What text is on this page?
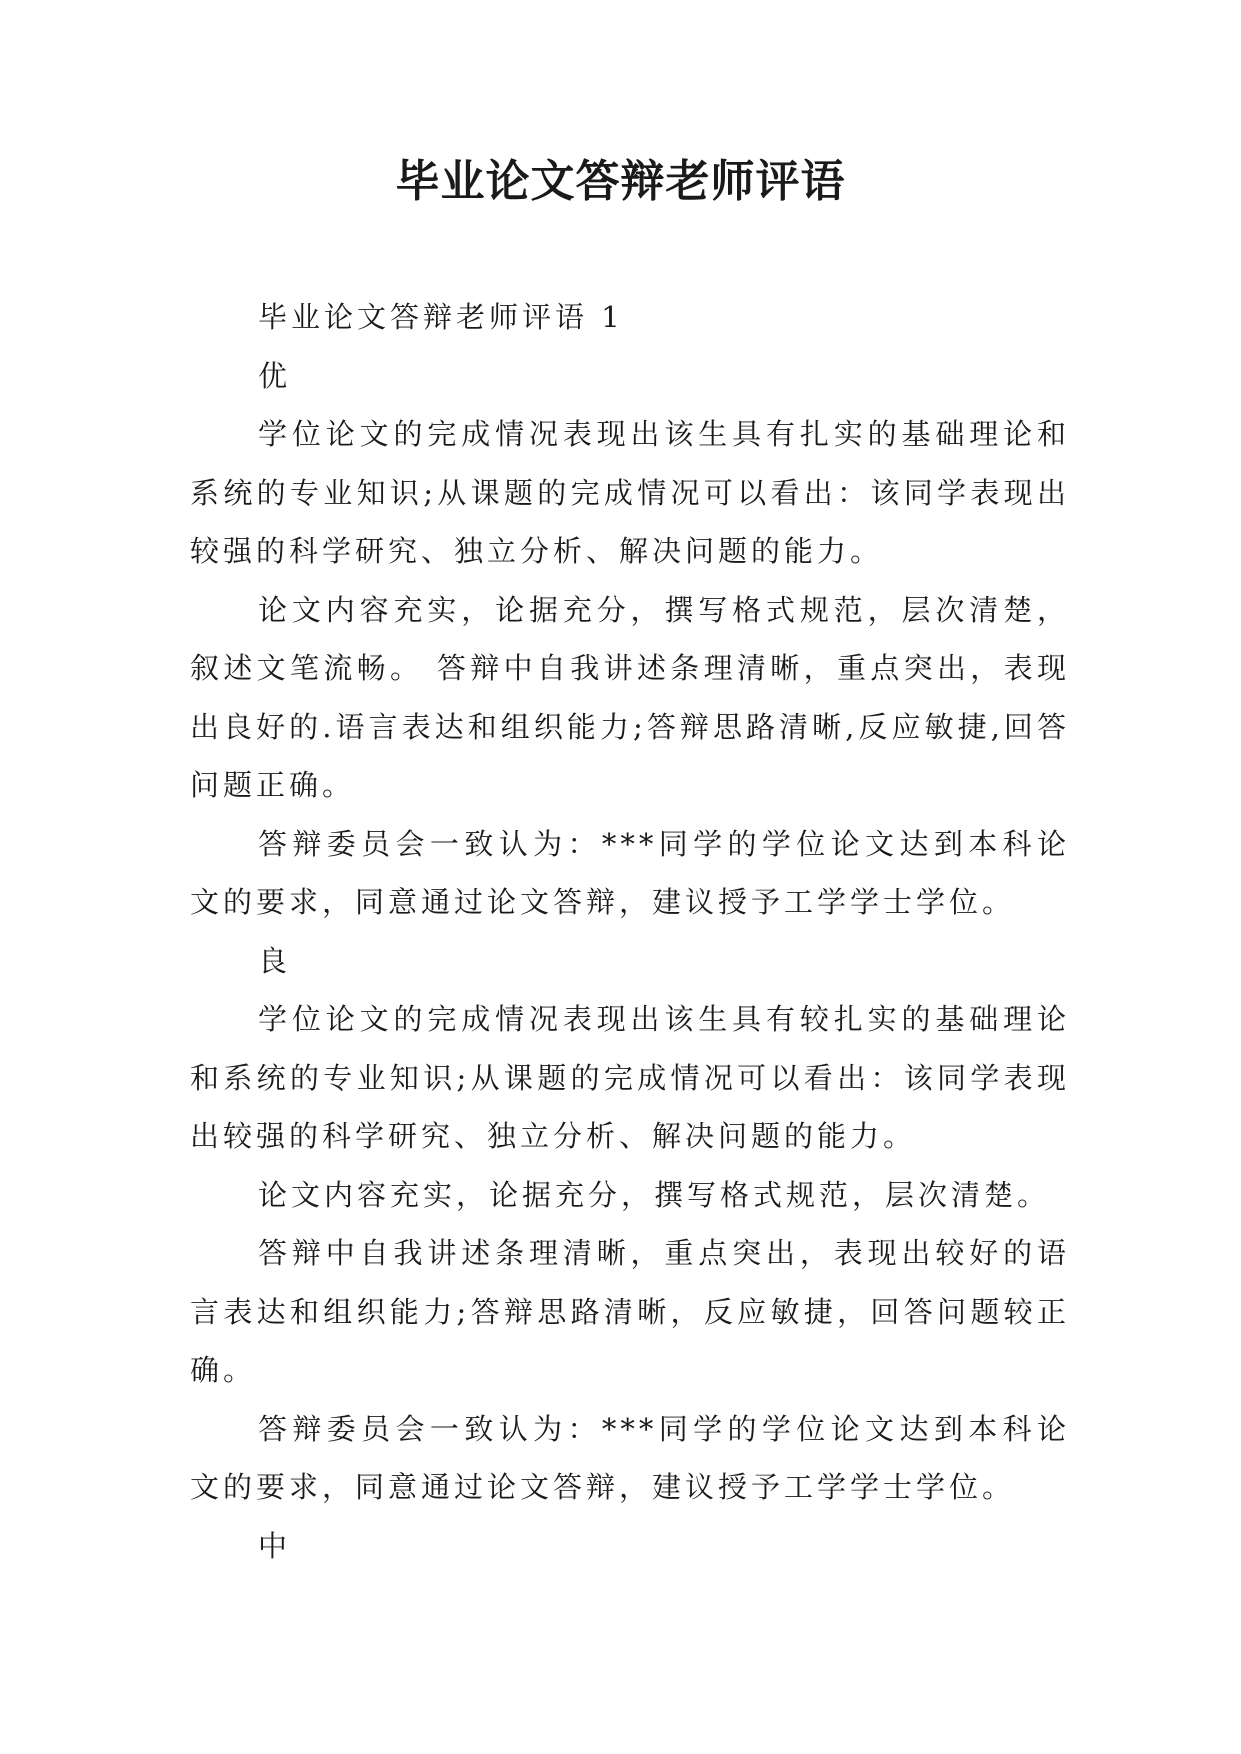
毕业论文答辩老师评语

毕业论文答辩老师评语 1

优

学位论文的完成情况表现出该生具有扎实的基础理论和系统的专业知识;从课题的完成情况可以看出：该同学表现出较强的科学研究、独立分析、解决问题的能力。

论文内容充实，论据充分，撰写格式规范，层次清楚，叙述文笔流畅。 答辩中自我讲述条理清晰，重点突出，表现出良好的.语言表达和组织能力;答辩思路清晰,反应敏捷,回答问题正确。

答辩委员会一致认为：***同学的学位论文达到本科论文的要求，同意通过论文答辩，建议授予工学学士学位。

良

学位论文的完成情况表现出该生具有较扎实的基础理论和系统的专业知识;从课题的完成情况可以看出：该同学表现出较强的科学研究、独立分析、解决问题的能力。

论文内容充实，论据充分，撰写格式规范，层次清楚。

答辩中自我讲述条理清晰，重点突出，表现出较好的语言表达和组织能力;答辩思路清晰，反应敏捷，回答问题较正确。

答辩委员会一致认为：***同学的学位论文达到本科论文的要求，同意通过论文答辩，建议授予工学学士学位。

中
